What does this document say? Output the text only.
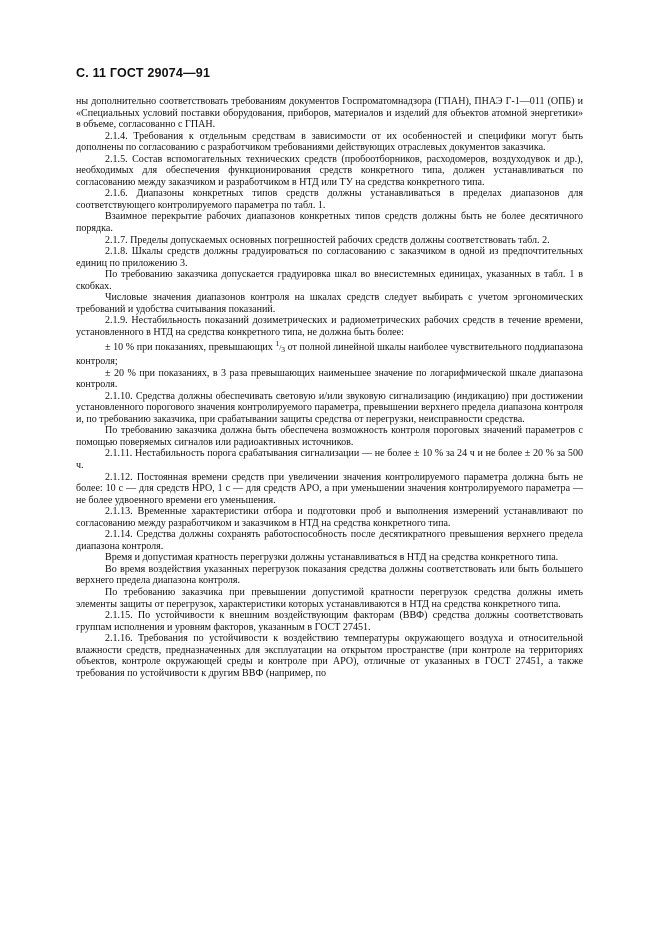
С. 11 ГОСТ 29074—91

ны дополнительно соответствовать требованиям документов Госпроматомнадзора (ГПАН), ПНАЭ Г-1—011 (ОПБ) и «Специальных условий поставки оборудования, приборов, материалов и изделий для объектов атомной энергетики» в объеме, согласованно с ГПАН.

2.1.4. Требования к отдельным средствам в зависимости от их особенностей и специфики могут быть дополнены по согласованию с разработчиком требованиями действующих отраслевых документов заказчика.

2.1.5. Состав вспомогательных технических средств (пробоотборников, расходомеров, воздуходувок и др.), необходимых для обеспечения функционирования средств конкретного типа, должен устанавливаться по согласованию между заказчиком и разработчиком в НТД или ТУ на средства конкретного типа.

2.1.6. Диапазоны конкретных типов средств должны устанавливаться в пределах диапазонов для соответствующего контролируемого параметра по табл. 1.

Взаимное перекрытие рабочих диапазонов конкретных типов средств должны быть не более десятичного порядка.

2.1.7. Пределы допускаемых основных погрешностей рабочих средств должны соответствовать табл. 2.

2.1.8. Шкалы средств должны градуироваться по согласованию с заказчиком в одной из предпочтительных единиц по приложению 3.

По требованию заказчика допускается градуировка шкал во внесистемных единицах, указанных в табл. 1 в скобках.

Числовые значения диапазонов контроля на шкалах средств следует выбирать с учетом эргономических требований и удобства считывания показаний.

2.1.9. Нестабильность показаний дозиметрических и радиометрических рабочих средств в течение времени, установленного в НТД на средства конкретного типа, не должна быть более:

± 10 % при показаниях, превышающих $^1/_3$ от полной линейной шкалы наиболее чувствительного поддиапазона контроля;

± 20 % при показаниях, в 3 раза превышающих наименьшее значение по логарифмической шкале диапазона контроля.

2.1.10. Средства должны обеспечивать световую и/или звуковую сигнализацию (индикацию) при достижении установленного порогового значения контролируемого параметра, превышении верхнего предела диапазона контроля и, по требованию заказчика, при срабатывании защиты средства от перегрузки, неисправности средства.

По требованию заказчика должна быть обеспечена возможность контроля пороговых значений параметров с помощью поверяемых сигналов или радиоактивных источников.

2.1.11. Нестабильность порога срабатывания сигнализации — не более ± 10 % за 24 ч и не более ± 20 % за 500 ч.

2.1.12. Постоянная времени средств при увеличении значения контролируемого параметра должна быть не более: 10 с — для средств НРО, 1 с — для средств АРО, а при уменьшении значения контролируемого параметра — не более удвоенного времени его уменьшения.

2.1.13. Временные характеристики отбора и подготовки проб и выполнения измерений устанавливают по согласованию между разработчиком и заказчиком в НТД на средства конкретного типа.

2.1.14. Средства должны сохранять работоспособность после десятикратного превышения верхнего предела диапазона контроля.

Время и допустимая кратность перегрузки должны устанавливаться в НТД на средства конкретного типа.

Во время воздействия указанных перегрузок показания средства должны соответствовать или быть большего верхнего предела диапазона контроля.

По требованию заказчика при превышении допустимой кратности перегрузок средства должны иметь элементы защиты от перегрузок, характеристики которых устанавливаются в НТД на средства конкретного типа.

2.1.15. По устойчивости к внешним воздействующим факторам (ВВФ) средства должны соответствовать группам исполнения и уровням факторов, указанным в ГОСТ 27451.

2.1.16. Требования по устойчивости к воздействию температуры окружающего воздуха и относительной влажности средств, предназначенных для эксплуатации на открытом пространстве (при контроле на территориях объектов, контроле окружающей среды и контроле при АРО), отличные от указанных в ГОСТ 27451, а также требования по устойчивости к другим ВВФ (например, по
